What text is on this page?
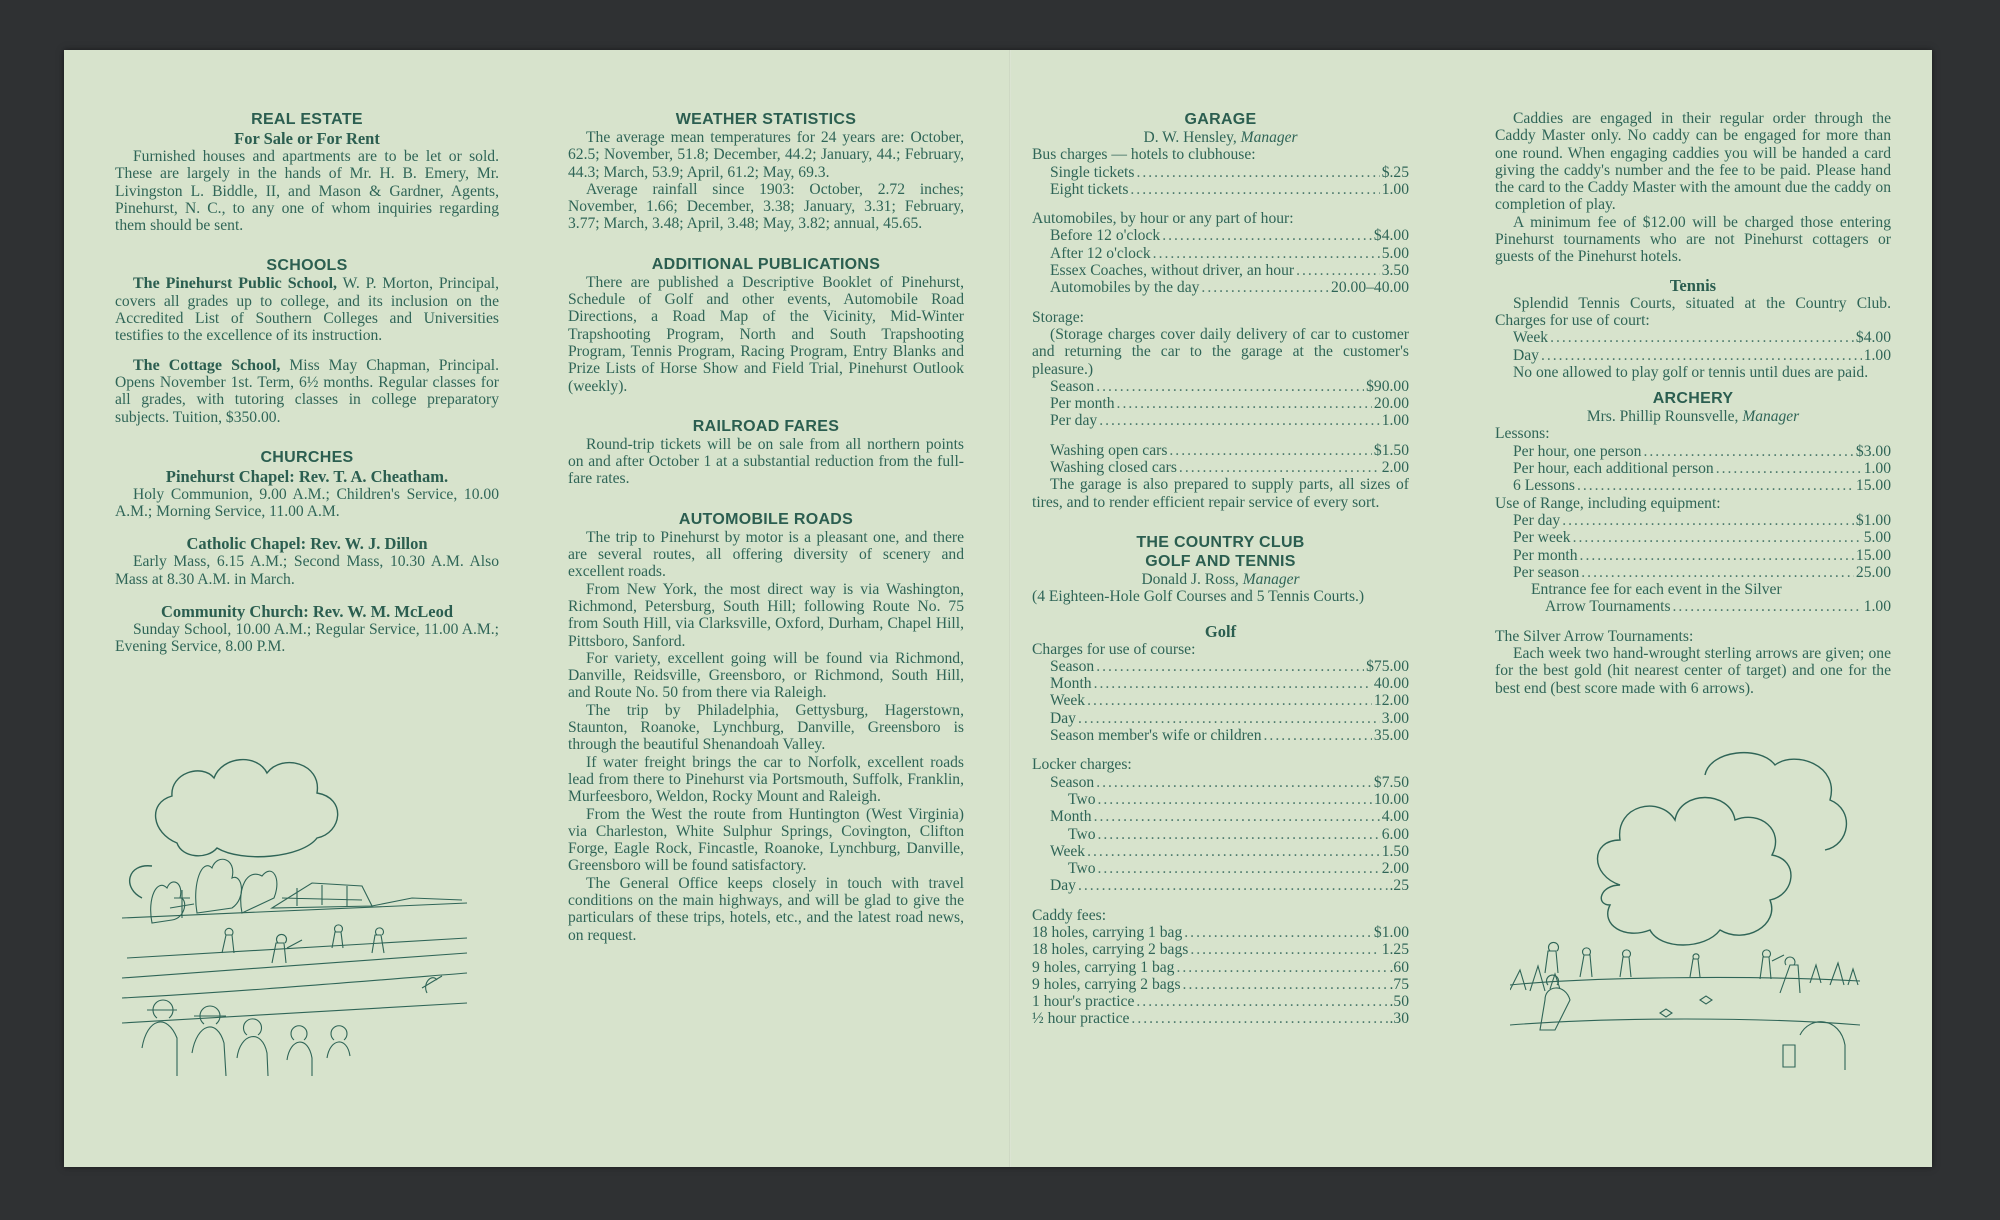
REAL ESTATE
For Sale or For Rent

Furnished houses and apartments are to be let or sold. These are largely in the hands of Mr. H. B. Emery, Mr. Livingston L. Biddle, II, and Mason & Gardner, Agents, Pinehurst, N. C., to any one of whom inquiries regarding them should be sent.

SCHOOLS

The Pinehurst Public School, W. P. Morton, Principal, covers all grades up to college, and its inclusion on the Accredited List of Southern Colleges and Universities testifies to the excellence of its instruction.

The Cottage School, Miss May Chapman, Principal. Opens November 1st. Term, 6½ months. Regular classes for all grades, with tutoring classes in college preparatory subjects. Tuition, $350.00.

CHURCHES
Pinehurst Chapel: Rev. T. A. Cheatham.

Holy Communion, 9.00 A.M.; Children's Service, 10.00 A.M.; Morning Service, 11.00 A.M.

Catholic Chapel: Rev. W. J. Dillon

Early Mass, 6.15 A.M.; Second Mass, 10.30 A.M. Also Mass at 8.30 A.M. in March.

Community Church: Rev. W. M. McLeod

Sunday School, 10.00 A.M.; Regular Service, 11.00 A.M.; Evening Service, 8.00 P.M.

WEATHER STATISTICS

The average mean temperatures for 24 years are: October, 62.5; November, 51.8; December, 44.2; January, 44.; February, 44.3; March, 53.9; April, 61.2; May, 69.3.

Average rainfall since 1903: October, 2.72 inches; November, 1.66; December, 3.38; January, 3.31; February, 3.77; March, 3.48; April, 3.48; May, 3.82; annual, 45.65.

ADDITIONAL PUBLICATIONS

There are published a Descriptive Booklet of Pinehurst, Schedule of Golf and other events, Automobile Road Directions, a Road Map of the Vicinity, Mid-Winter Trapshooting Program, North and South Trapshooting Program, Tennis Program, Racing Program, Entry Blanks and Prize Lists of Horse Show and Field Trial, Pinehurst Outlook (weekly).

RAILROAD FARES

Round-trip tickets will be on sale from all northern points on and after October 1 at a substantial reduction from the full-fare rates.

AUTOMOBILE ROADS

The trip to Pinehurst by motor is a pleasant one, and there are several routes, all offering diversity of scenery and excellent roads.

From New York, the most direct way is via Washington, Richmond, Petersburg, South Hill; following Route No. 75 from South Hill, via Clarksville, Oxford, Durham, Chapel Hill, Pittsboro, Sanford.

For variety, excellent going will be found via Richmond, Danville, Reidsville, Greensboro, or Richmond, South Hill, and Route No. 50 from there via Raleigh.

The trip by Philadelphia, Gettysburg, Hagerstown, Staunton, Roanoke, Lynchburg, Danville, Greensboro is through the beautiful Shenandoah Valley.

If water freight brings the car to Norfolk, excellent roads lead from there to Pinehurst via Portsmouth, Suffolk, Franklin, Murfeesboro, Weldon, Rocky Mount and Raleigh.

From the West the route from Huntington (West Virginia) via Charleston, White Sulphur Springs, Covington, Clifton Forge, Eagle Rock, Fincastle, Roanoke, Lynchburg, Danville, Greensboro will be found satisfactory.

The General Office keeps closely in touch with travel conditions on the main highways, and will be glad to give the particulars of these trips, hotels, etc., and the latest road news, on request.

GARAGE
D. W. Hensley, Manager
Bus charges — hotels to clubhouse:
Single tickets .....	$.25
Eight tickets .....	1.00
Automobiles, by hour or any part of hour:
Before 12 o'clock .....	$4.00
After 12 o'clock .....	5.00
Essex Coaches, without driver, an hour .....	3.50
Automobiles by the day .....	20.00–40.00
Storage:

(Storage charges cover daily delivery of car to customer and returning the car to the garage at the customer's pleasure.)

Season .....	$90.00
Per month .....	20.00
Per day .....	1.00
Washing open cars .....	$1.50
Washing closed cars .....	2.00

The garage is also prepared to supply parts, all sizes of tires, and to render efficient repair service of every sort.

THE COUNTRY CLUB
GOLF AND TENNIS
Donald J. Ross, Manager

(4 Eighteen-Hole Golf Courses and 5 Tennis Courts.)

Golf
Charges for use of course:
Season .....	$75.00
Month .....	40.00
Week .....	12.00
Day .....	3.00
Season member's wife or children .....	35.00
Locker charges:
Season .....	$7.50
Two .....	10.00
Month .....	4.00
Two .....	6.00
Week .....	1.50
Two .....	2.00
Day .....	.25
Caddy fees:
18 holes, carrying 1 bag .....	$1.00
18 holes, carrying 2 bags .....	1.25
9 holes, carrying 1 bag .....	.60
9 holes, carrying 2 bags .....	.75
1 hour's practice .....	.50
½ hour practice .....	.30

Caddies are engaged in their regular order through the Caddy Master only. No caddy can be engaged for more than one round. When engaging caddies you will be handed a card giving the caddy's number and the fee to be paid. Please hand the card to the Caddy Master with the amount due the caddy on completion of play.

A minimum fee of $12.00 will be charged those entering Pinehurst tournaments who are not Pinehurst cottagers or guests of the Pinehurst hotels.

Tennis

Splendid Tennis Courts, situated at the Country Club. Charges for use of court:

Week .....	$4.00
Day .....	1.00

No one allowed to play golf or tennis until dues are paid.

ARCHERY
Mrs. Phillip Rounsvelle, Manager
Lessons:
Per hour, one person .....	$3.00
Per hour, each additional person .....	1.00
6 Lessons .....	15.00
Use of Range, including equipment:
Per day .....	$1.00
Per week .....	5.00
Per month .....	15.00
Per season .....	25.00
Entrance fee for each event in the Silver
Arrow Tournaments .....	1.00
The Silver Arrow Tournaments:

Each week two hand-wrought sterling arrows are given; one for the best gold (hit nearest center of target) and one for the best end (best score made with 6 arrows).
